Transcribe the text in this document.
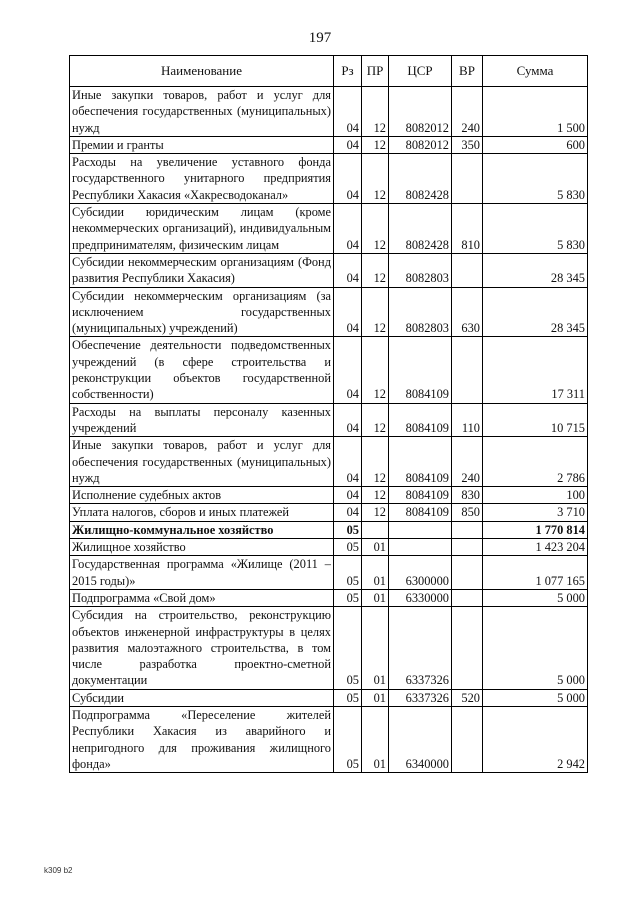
197
Наименование	Рз	ПР	ЦСР	ВР	Сумма
Иные закупки товаров, работ и услуг для обеспечения государственных (муниципальных) нужд	04	12	8082012	240	1 500
Премии и гранты	04	12	8082012	350	600
Расходы на увеличение уставного фонда государственного унитарного предприятия Республики Хакасия «Хакресводоканал»	04	12	8082428		5 830
Субсидии юридическим лицам (кроме некоммерческих организаций), индивидуальным предпринимателям, физическим лицам	04	12	8082428	810	5 830
Субсидии некоммерческим организациям (Фонд развития Республики Хакасия)	04	12	8082803		28 345
Субсидии некоммерческим организациям (за исключением государственных (муниципальных) учреждений)	04	12	8082803	630	28 345
Обеспечение деятельности подведомственных учреждений (в сфере строительства и реконструкции объектов государственной собственности)	04	12	8084109		17 311
Расходы на выплаты персоналу казенных учреждений	04	12	8084109	110	10 715
Иные закупки товаров, работ и услуг для обеспечения государственных (муниципальных) нужд	04	12	8084109	240	2 786
Исполнение судебных актов	04	12	8084109	830	100
Уплата налогов, сборов и иных платежей	04	12	8084109	850	3 710
Жилищно-коммунальное хозяйство	05				1 770 814
Жилищное хозяйство	05	01			1 423 204
Государственная программа «Жилище (2011 – 2015 годы)»	05	01	6300000		1 077 165
Подпрограмма «Свой дом»	05	01	6330000		5 000
Субсидия на строительство, реконструкцию объектов инженерной инфраструктуры в целях развития малоэтажного строительства, в том числе разработка проектно-сметной документации	05	01	6337326		5 000
Субсидии	05	01	6337326	520	5 000
Подпрограмма «Переселение жителей Республики Хакасия из аварийного и непригодного для проживания жилищного фонда»	05	01	6340000		2 942
k309 b2
